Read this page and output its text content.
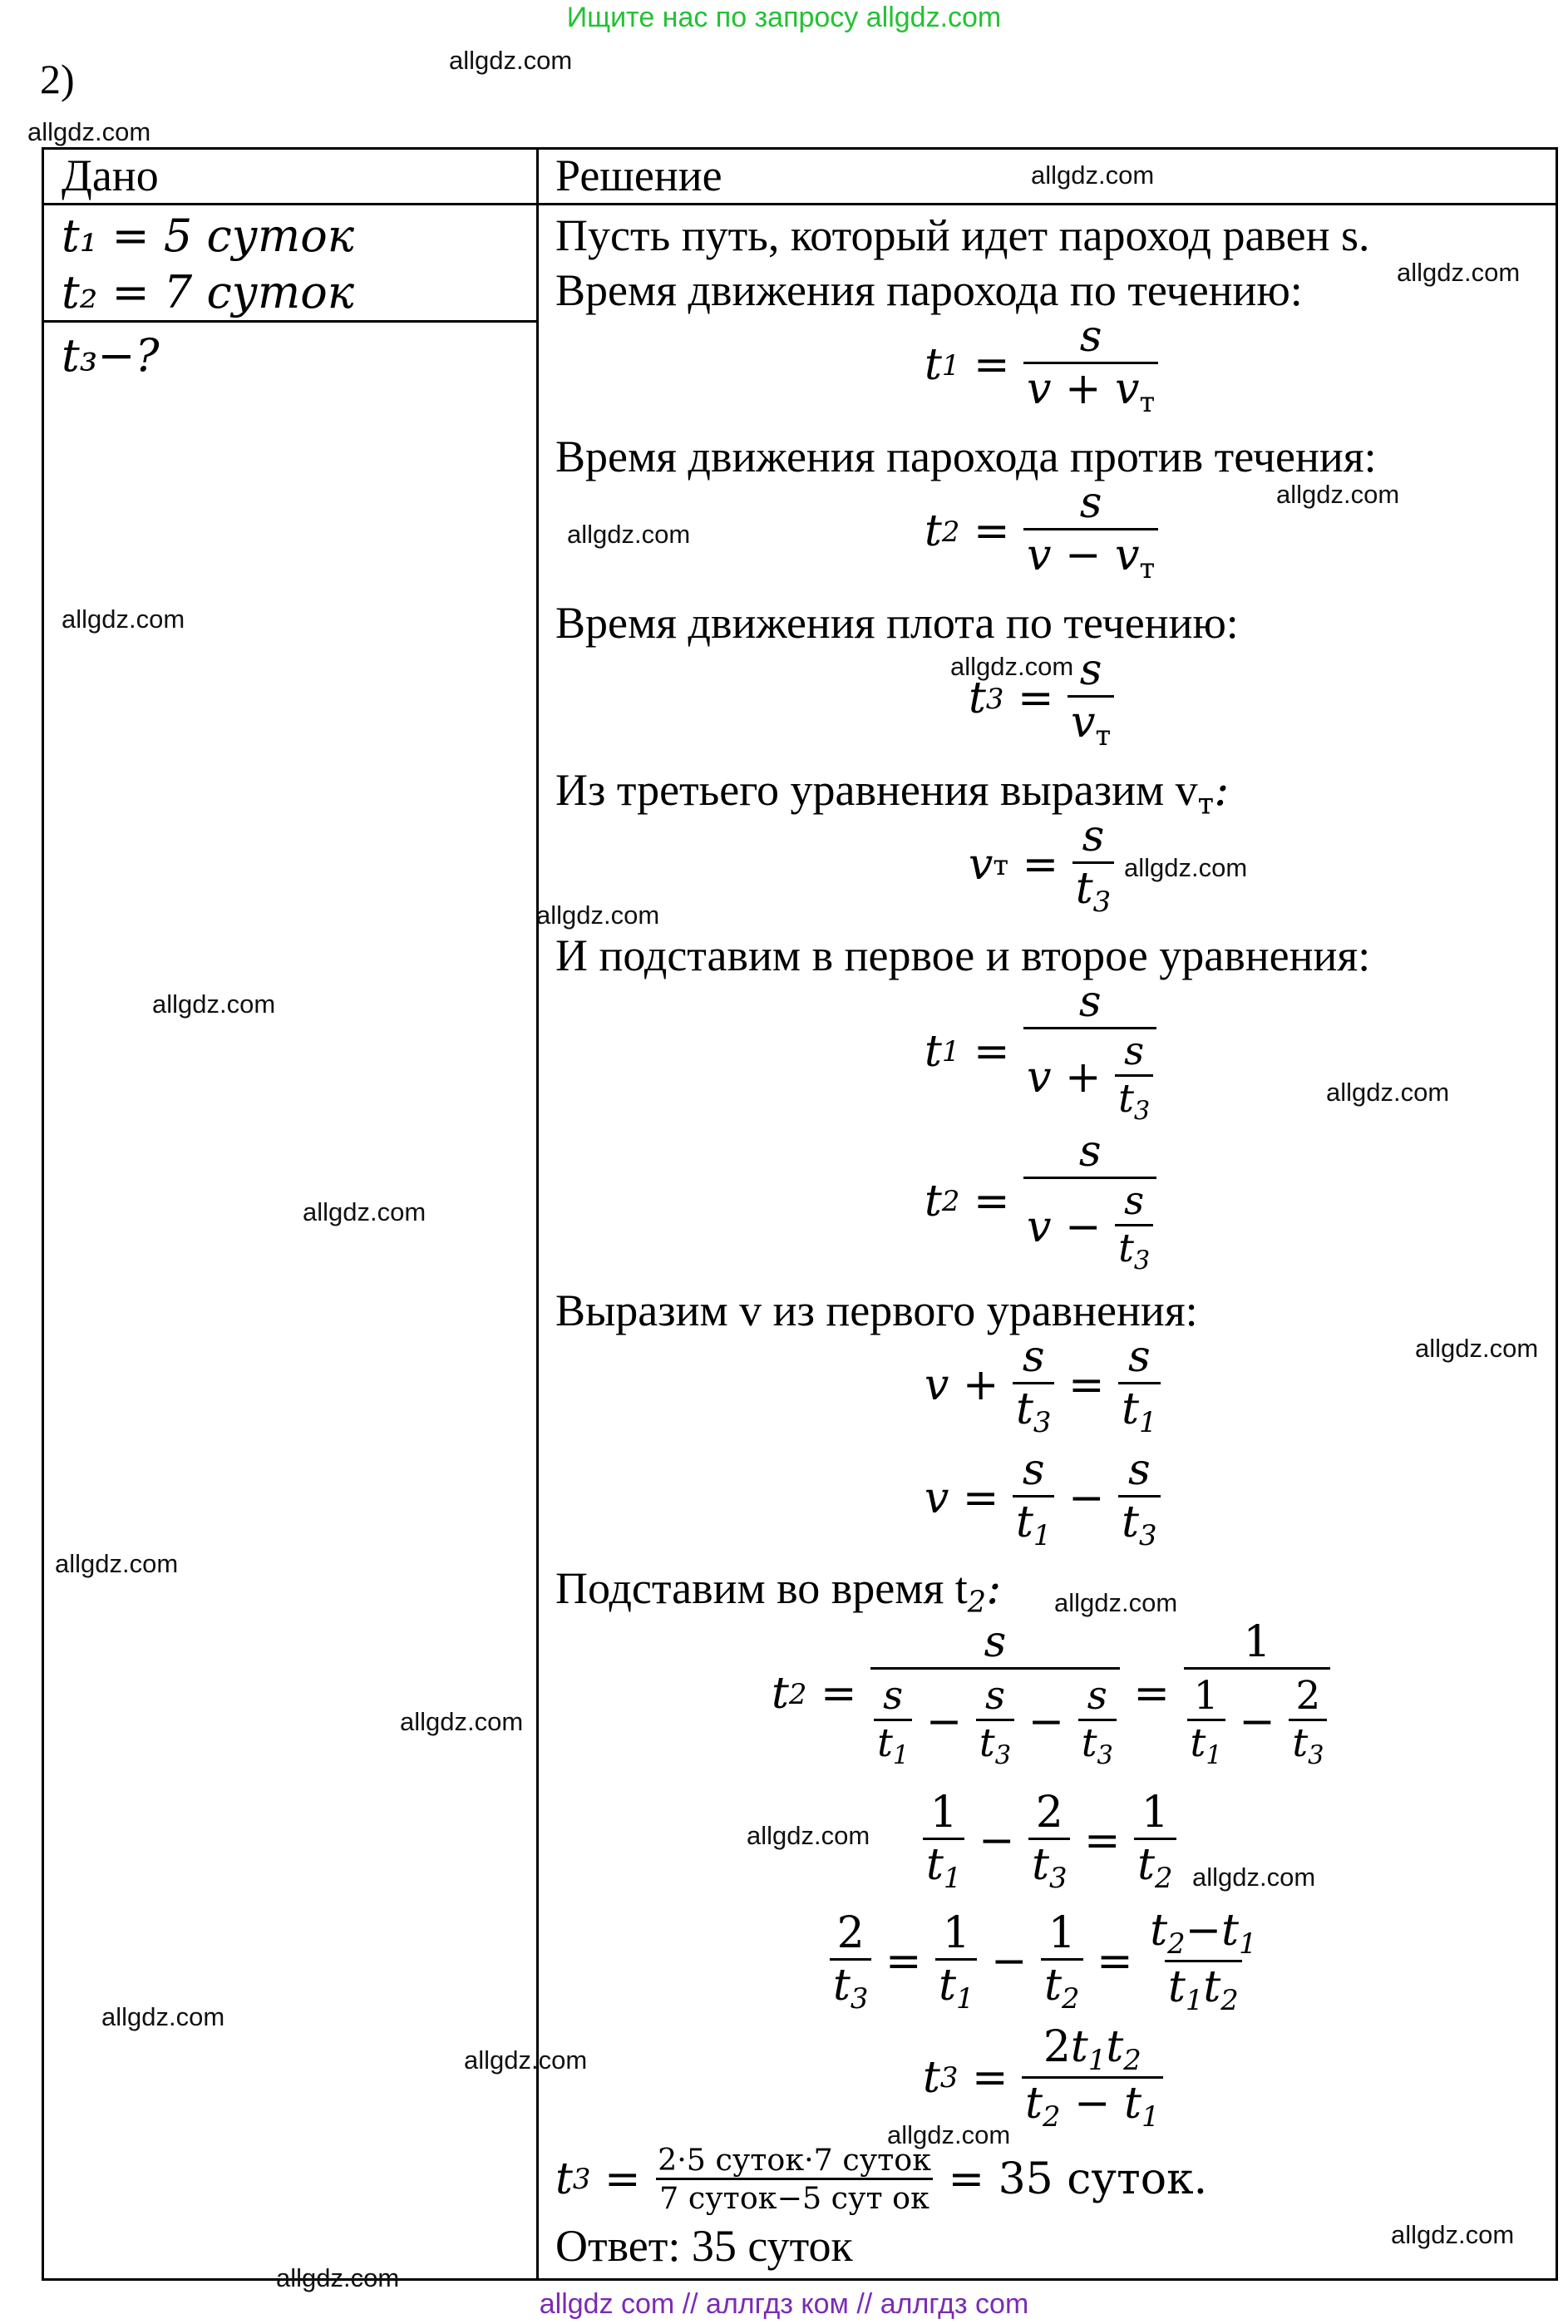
Ищите нас по запросу allgdz.com
2)
Дано
t₁ = 5 суток
t₂ = 7 суток
t₃−?
Решение
Пусть путь, который идет пароход равен s.
Время движения парохода по течению:
t $1 = \frac{s}{v + v_т}$
Время движения парохода против течения:
t $2 = \frac{s}{v - v_т}$
Время движения плота по течению:
t $3 = \frac{s}{v_т}$
Из третьего уравнения выразим $v_т$:
v $т = \frac{s}{t_3}$
И подставим в первое и второе уравнения:
t $1 = \frac{s}{v + \frac{s}{t_3}}$
t $2 = \frac{s}{v - \frac{s}{t_3}}$
Выразим v из первого уравнения:
$v + \frac{s}{t_3} = \frac{s}{t_1}$
$v = \frac{s}{t_1} - \frac{s}{t_3}$
Подставим во время $t_2$:
t $2 = \frac{s}{\frac{s}{t_1} - \frac{s}{t_3} - \frac{s}{t_3}} = \frac{1}{\frac{1}{t_1} - \frac{2}{t_3}}$
$\frac{1}{t_1} - \frac{2}{t_3} = \frac{1}{t_2}$
$\frac{2}{t_3} = \frac{1}{t_1} - \frac{1}{t_2} = \frac{t_2-t_1}{t_1t_2}$
t $3 = \frac{2t_1t_2}{t_2 - t_1}$
t $3 = \frac{\text{2·5 суток·7 суток}}{\text{7 суток−5 сут ок}}$
= 35 суток.
Ответ: 35 суток
allgdz.com
allgdz.com
allgdz.com
allgdz.com
allgdz.com
allgdz.com
allgdz.com
allgdz.com
allgdz.com
allgdz.com
allgdz.com
allgdz.com
allgdz.com
allgdz.com
allgdz.com
allgdz.com
allgdz.com
allgdz.com
allgdz.com
allgdz.com
allgdz.com
allgdz.com
allgdz.com
allgdz.com
allgdz com // аллгдз ком // аллгдз com
